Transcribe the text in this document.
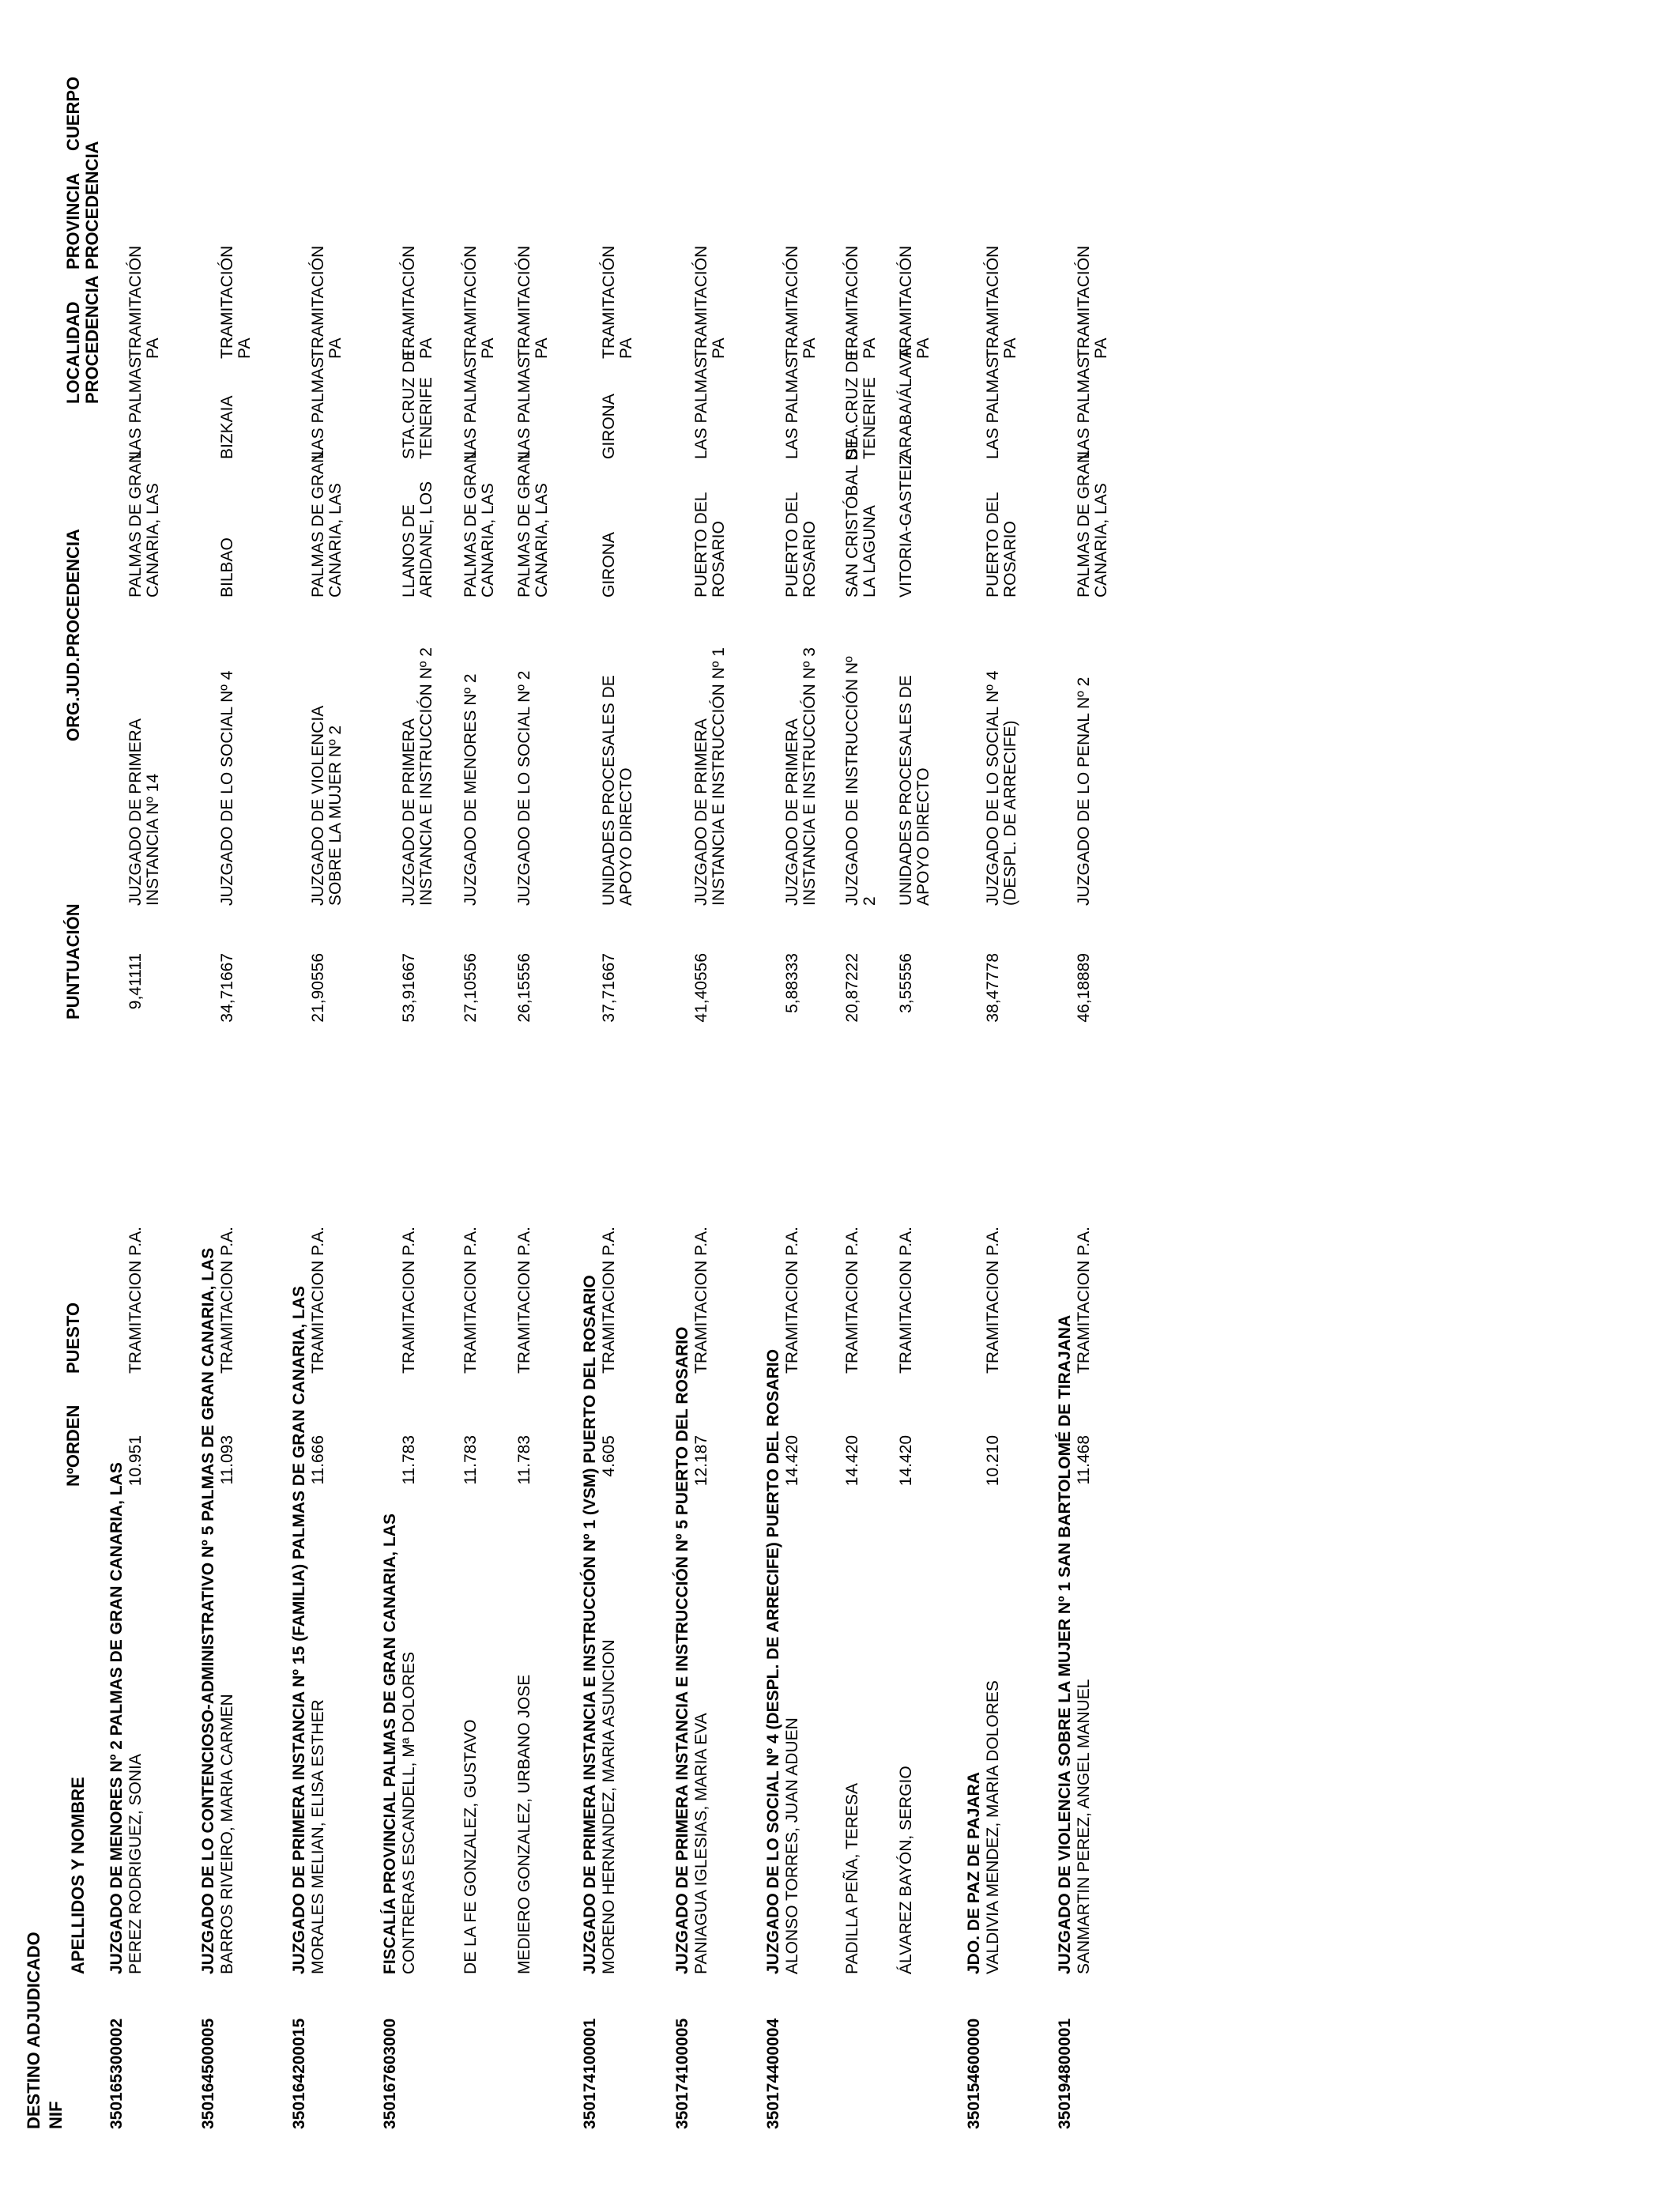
DESTINO ADJUDICADO NIF
APELLIDOS Y NOMBRE
NºORDEN
PUESTO
PUNTUACIÓN
ORG.JUD.PROCEDENCIA
LOCALIDAD PROCEDENCIA
PROVINCIA PROCEDENCIA
CUERPO
350165300002
JUZGADO DE MENORES Nº 2 PALMAS DE GRAN CANARIA, LAS PEREZ RODRIGUEZ, SONIA
10.951
TRAMITACION P.A.
9,41111
JUZGADO DE PRIMERA INSTANCIA Nº 14
PALMAS DE GRAN CANARIA, LAS
LAS PALMAS
TRAMITACIÓN PA
350164500005
JUZGADO DE LO CONTENCIOSO-ADMINISTRATIVO Nº 5 PALMAS DE GRAN CANARIA, LAS BARROS RIVEIRO, MARIA CARMEN
11.093
TRAMITACION P.A.
34,71667
JUZGADO DE LO SOCIAL Nº 4
BILBAO
BIZKAIA
TRAMITACIÓN PA
350164200015
JUZGADO DE PRIMERA INSTANCIA Nº 15 (FAMILIA) PALMAS DE GRAN CANARIA, LAS MORALES MELIAN, ELISA ESTHER
11.666
TRAMITACION P.A.
21,90556
JUZGADO DE VIOLENCIA SOBRE LA MUJER Nº 2
PALMAS DE GRAN CANARIA, LAS
LAS PALMAS
TRAMITACIÓN PA
350167603000
FISCALÍA PROVINCIAL PALMAS DE GRAN CANARIA, LAS CONTRERAS ESCANDELL, Mª DOLORES
11.783
TRAMITACION P.A.
53,91667
JUZGADO DE PRIMERA INSTANCIA E INSTRUCCIÓN Nº 2
LLANOS DE ARIDANE, LOS
STA.CRUZ DE TENERIFE
TRAMITACIÓN PA
DE LA FE GONZALEZ, GUSTAVO
11.783
TRAMITACION P.A.
27,10556
JUZGADO DE MENORES Nº 2
PALMAS DE GRAN CANARIA, LAS
LAS PALMAS
TRAMITACIÓN PA
MEDIERO GONZALEZ, URBANO JOSE
11.783
TRAMITACION P.A.
26,15556
JUZGADO DE LO SOCIAL Nº 2
PALMAS DE GRAN CANARIA, LAS
LAS PALMAS
TRAMITACIÓN PA
350174100001
JUZGADO DE PRIMERA INSTANCIA E INSTRUCCIÓN Nº 1 (VSM) PUERTO DEL ROSARIO MORENO HERNANDEZ, MARIA ASUNCION
4.605
TRAMITACION P.A.
37,71667
UNIDADES PROCESALES DE APOYO DIRECTO
GIRONA
GIRONA
TRAMITACIÓN PA
350174100005
JUZGADO DE PRIMERA INSTANCIA E INSTRUCCIÓN Nº 5 PUERTO DEL ROSARIO PANIAGUA IGLESIAS, MARIA EVA
12.187
TRAMITACION P.A.
41,40556
JUZGADO DE PRIMERA INSTANCIA E INSTRUCCIÓN Nº 1
PUERTO DEL ROSARIO
LAS PALMAS
TRAMITACIÓN PA
350174400004
JUZGADO DE LO SOCIAL Nº 4 (DESPL. DE ARRECIFE) PUERTO DEL ROSARIO ALONSO TORRES, JUAN ADUEN
14.420
TRAMITACION P.A.
5,88333
JUZGADO DE PRIMERA INSTANCIA E INSTRUCCIÓN Nº 3
PUERTO DEL ROSARIO
LAS PALMAS
TRAMITACIÓN PA
PADILLA PEÑA, TERESA
14.420
TRAMITACION P.A.
20,87222
JUZGADO DE INSTRUCCIÓN Nº 2
SAN CRISTÓBAL DE LA LAGUNA
STA.CRUZ DE TENERIFE
TRAMITACIÓN PA
ÁLVAREZ BAYÓN, SERGIO
14.420
TRAMITACION P.A.
3,55556
UNIDADES PROCESALES DE APOYO DIRECTO
VITORIA-GASTEIZ
ARABA/ÁLAVA
TRAMITACIÓN PA
350154600000
JDO. DE PAZ DE PAJARA VALDIVIA MENDEZ, MARIA DOLORES
10.210
TRAMITACION P.A.
38,47778
JUZGADO DE LO SOCIAL Nº 4 (DESPL. DE ARRECIFE)
PUERTO DEL ROSARIO
LAS PALMAS
TRAMITACIÓN PA
350194800001
JUZGADO DE VIOLENCIA SOBRE LA MUJER Nº 1 SAN BARTOLOMÉ DE TIRAJANA SANMARTIN PEREZ, ANGEL MANUEL
11.468
TRAMITACION P.A.
46,18889
JUZGADO DE LO PENAL Nº 2
PALMAS DE GRAN CANARIA, LAS
LAS PALMAS
TRAMITACIÓN PA
